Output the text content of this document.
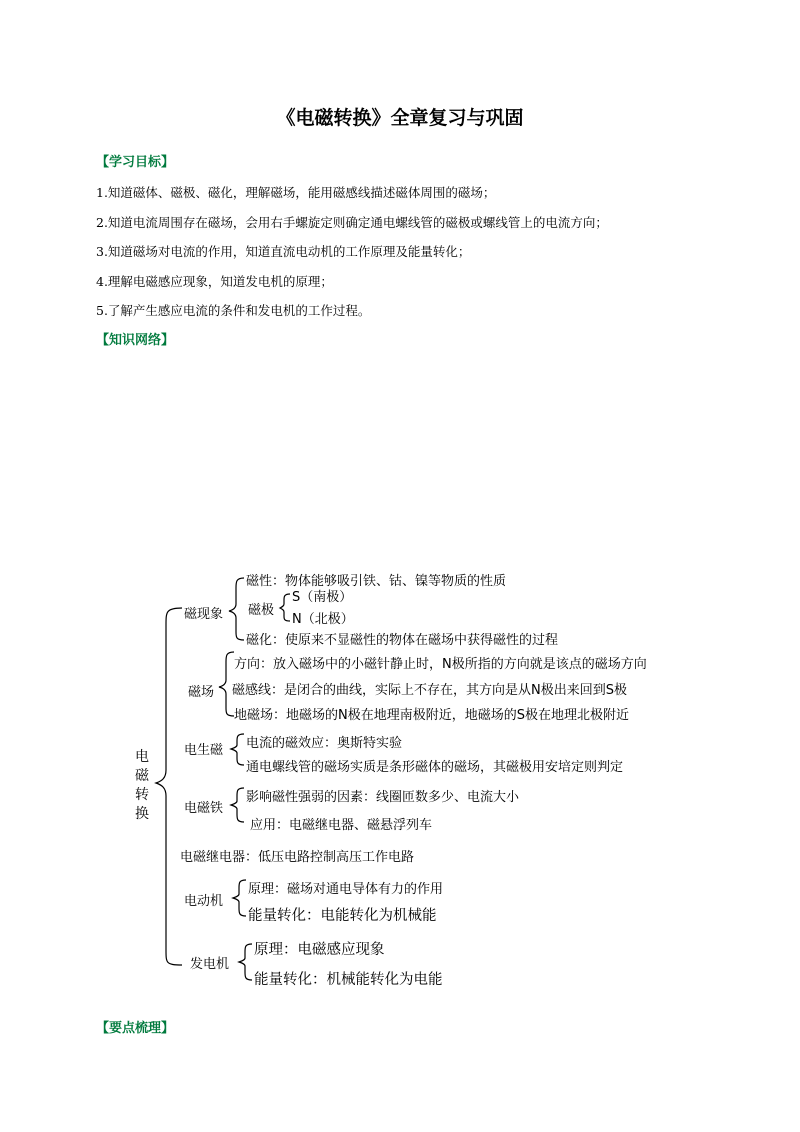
《电磁转换》全章复习与巩固
【学习目标】
1.知道磁体、磁极、磁化，理解磁场，能用磁感线描述磁体周围的磁场；
2.知道电流周围存在磁场，会用右手螺旋定则确定通电螺线管的磁极或螺线管上的电流方向；
3.知道磁场对电流的作用，知道直流电动机的工作原理及能量转化；
4.理解电磁感应现象，知道发电机的原理；
5.了解产生感应电流的条件和发电机的工作过程。
【知识网络】
电磁转换
磁现象
磁性：物体能够吸引铁、钴、镍等物质的性质
磁极
S（南极）
N（北极）
磁化：使原来不显磁性的物体在磁场中获得磁性的过程
磁场
方向：放入磁场中的小磁针静止时，N极所指的方向就是该点的磁场方向
磁感线：是闭合的曲线，实际上不存在，其方向是从N极出来回到S极
地磁场：地磁场的N极在地理南极附近，地磁场的S极在地理北极附近
电生磁 电流的磁效应：奥斯特实验
通电螺线管的磁场实质是条形磁体的磁场，其磁极用安培定则判定
电磁铁
影响磁性强弱的因素：线圈匝数多少、电流大小
应用：电磁继电器、磁悬浮列车
电磁继电器：低压电路控制高压工作电路
电动机
原理：磁场对通电导体有力的作用
能量转化：电能转化为机械能
发电机
原理：电磁感应现象
能量转化：机械能转化为电能
【要点梳理】
